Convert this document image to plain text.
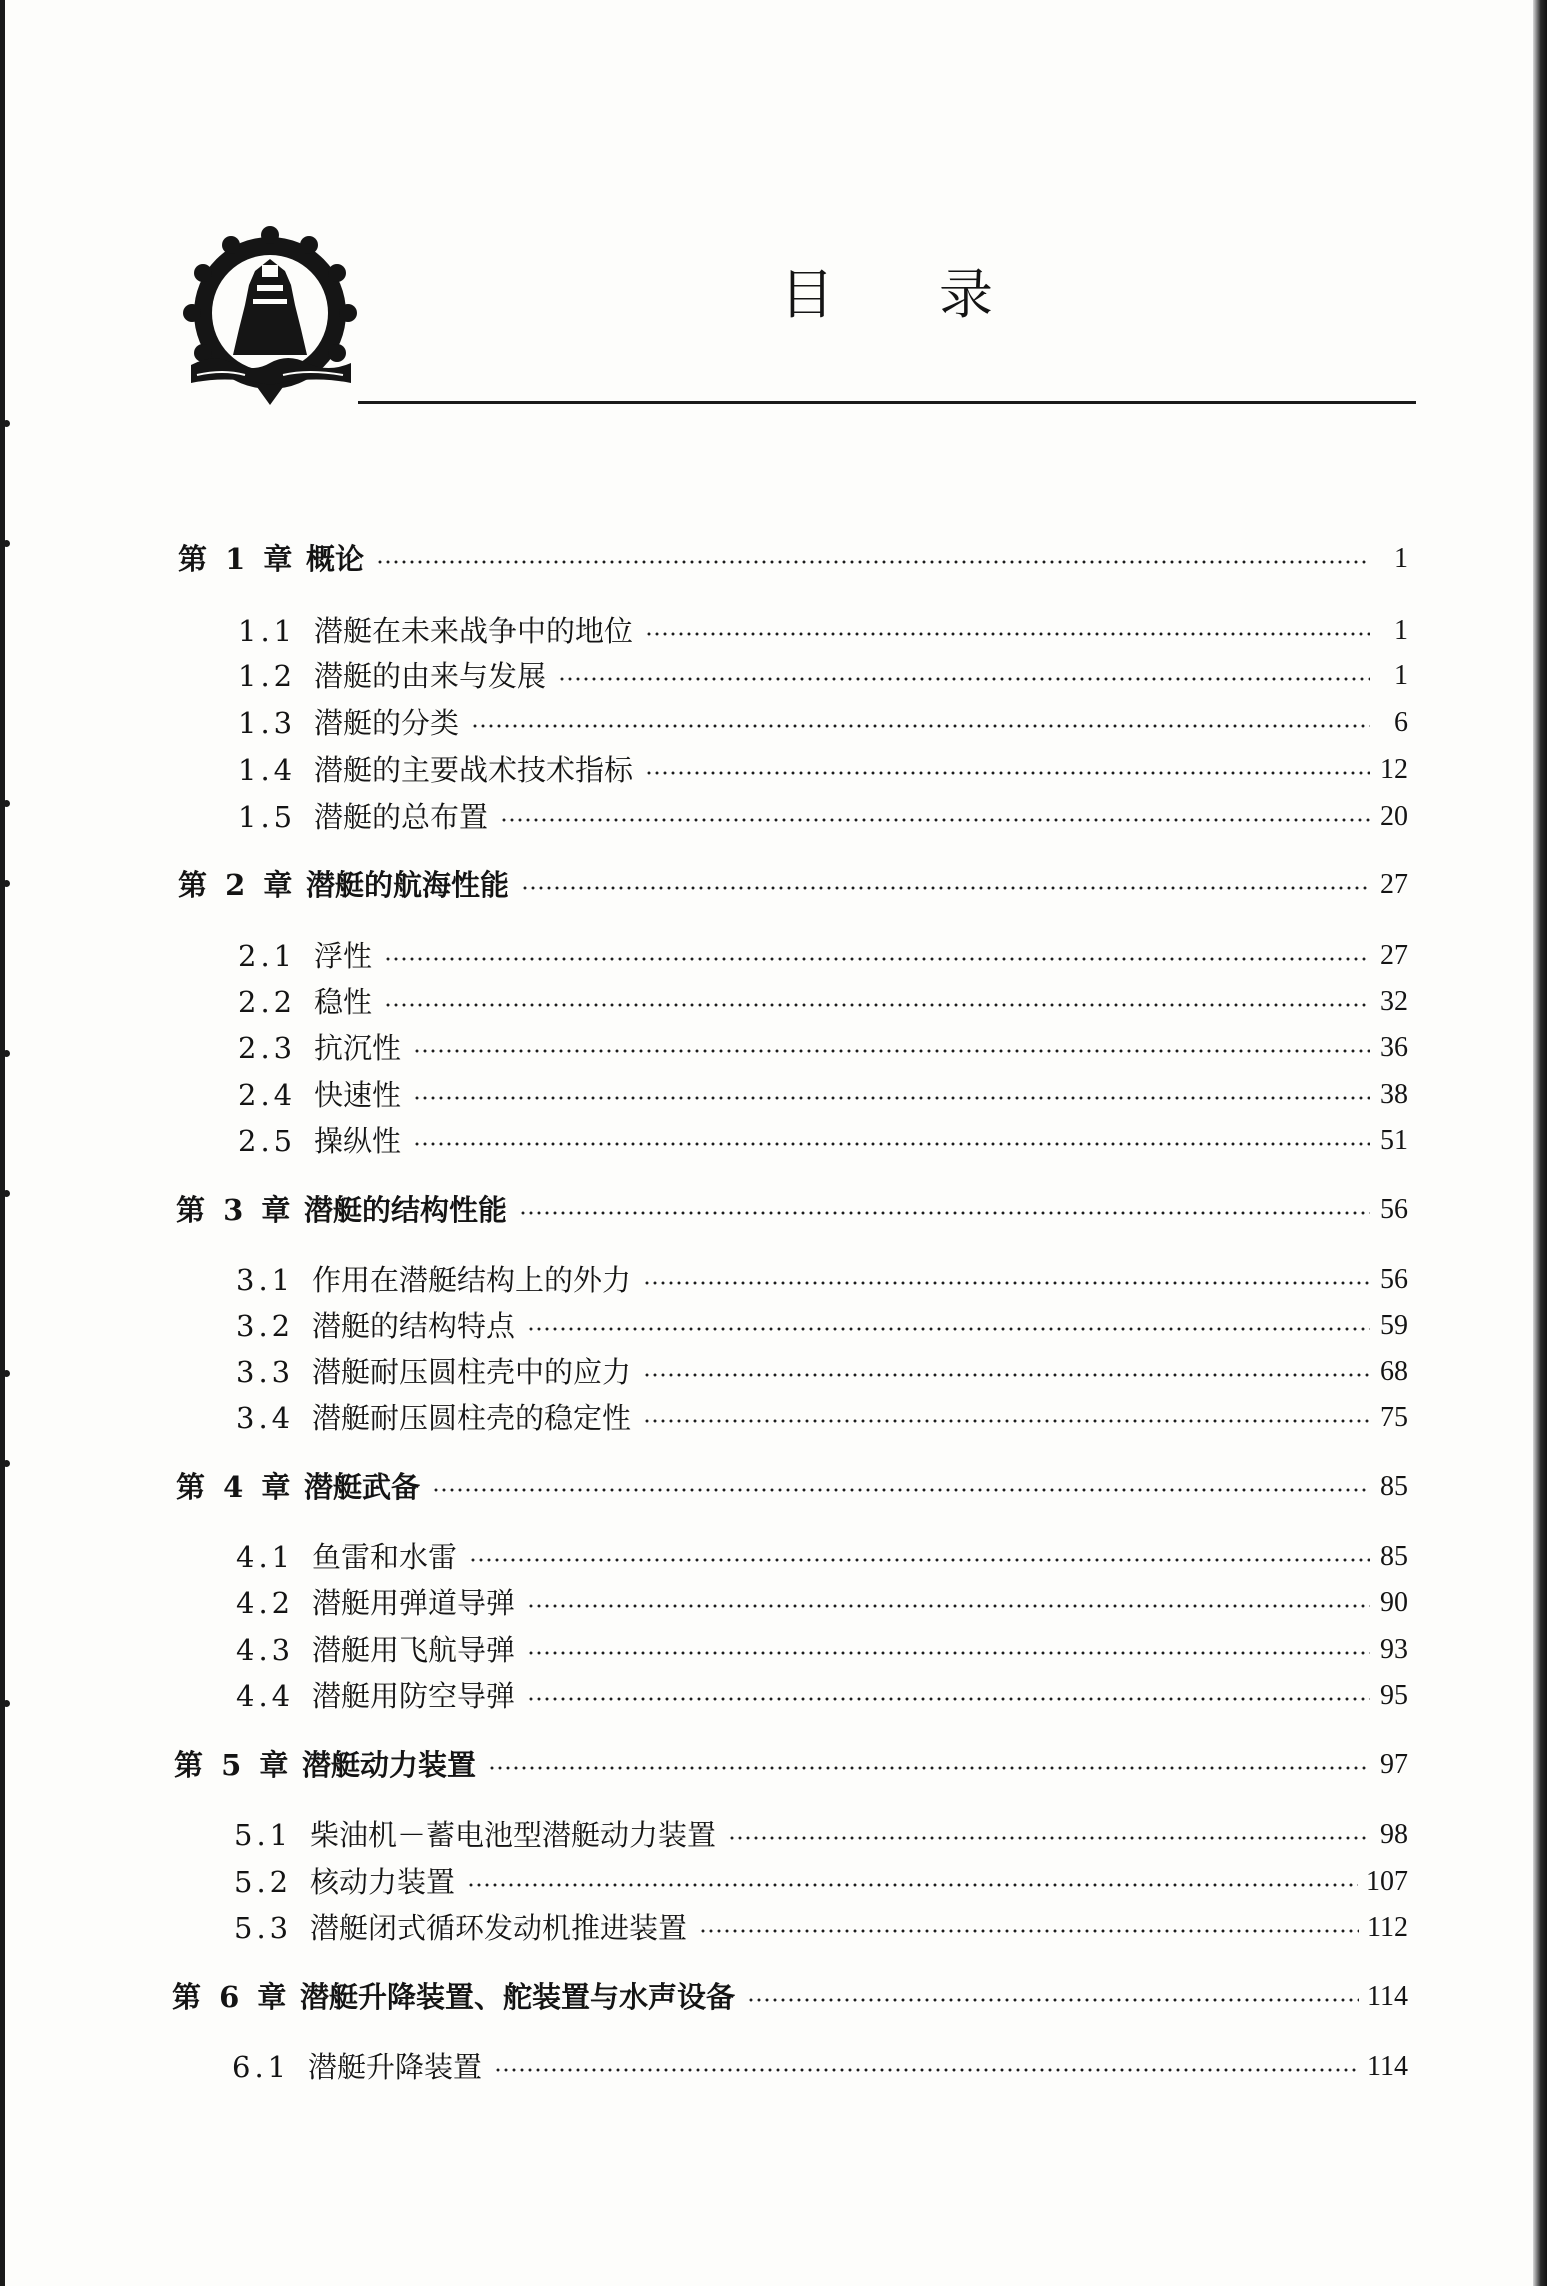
目录
第 1 章 概论	1
1.1 潜艇在未来战争中的地位	1
1.2 潜艇的由来与发展	1
1.3 潜艇的分类	6
1.4 潜艇的主要战术技术指标	12
1.5 潜艇的总布置	20
第 2 章 潜艇的航海性能	27
2.1 浮性	27
2.2 稳性	32
2.3 抗沉性	36
2.4 快速性	38
2.5 操纵性	51
第 3 章 潜艇的结构性能	56
3.1 作用在潜艇结构上的外力	56
3.2 潜艇的结构特点	59
3.3 潜艇耐压圆柱壳中的应力	68
3.4 潜艇耐压圆柱壳的稳定性	75
第 4 章 潜艇武备	85
4.1 鱼雷和水雷	85
4.2 潜艇用弹道导弹	90
4.3 潜艇用飞航导弹	93
4.4 潜艇用防空导弹	95
第 5 章 潜艇动力装置	97
5.1 柴油机－蓄电池型潜艇动力装置	98
5.2 核动力装置	107
5.3 潜艇闭式循环发动机推进装置	112
第 6 章 潜艇升降装置、舵装置与水声设备	114
6.1 潜艇升降装置	114
